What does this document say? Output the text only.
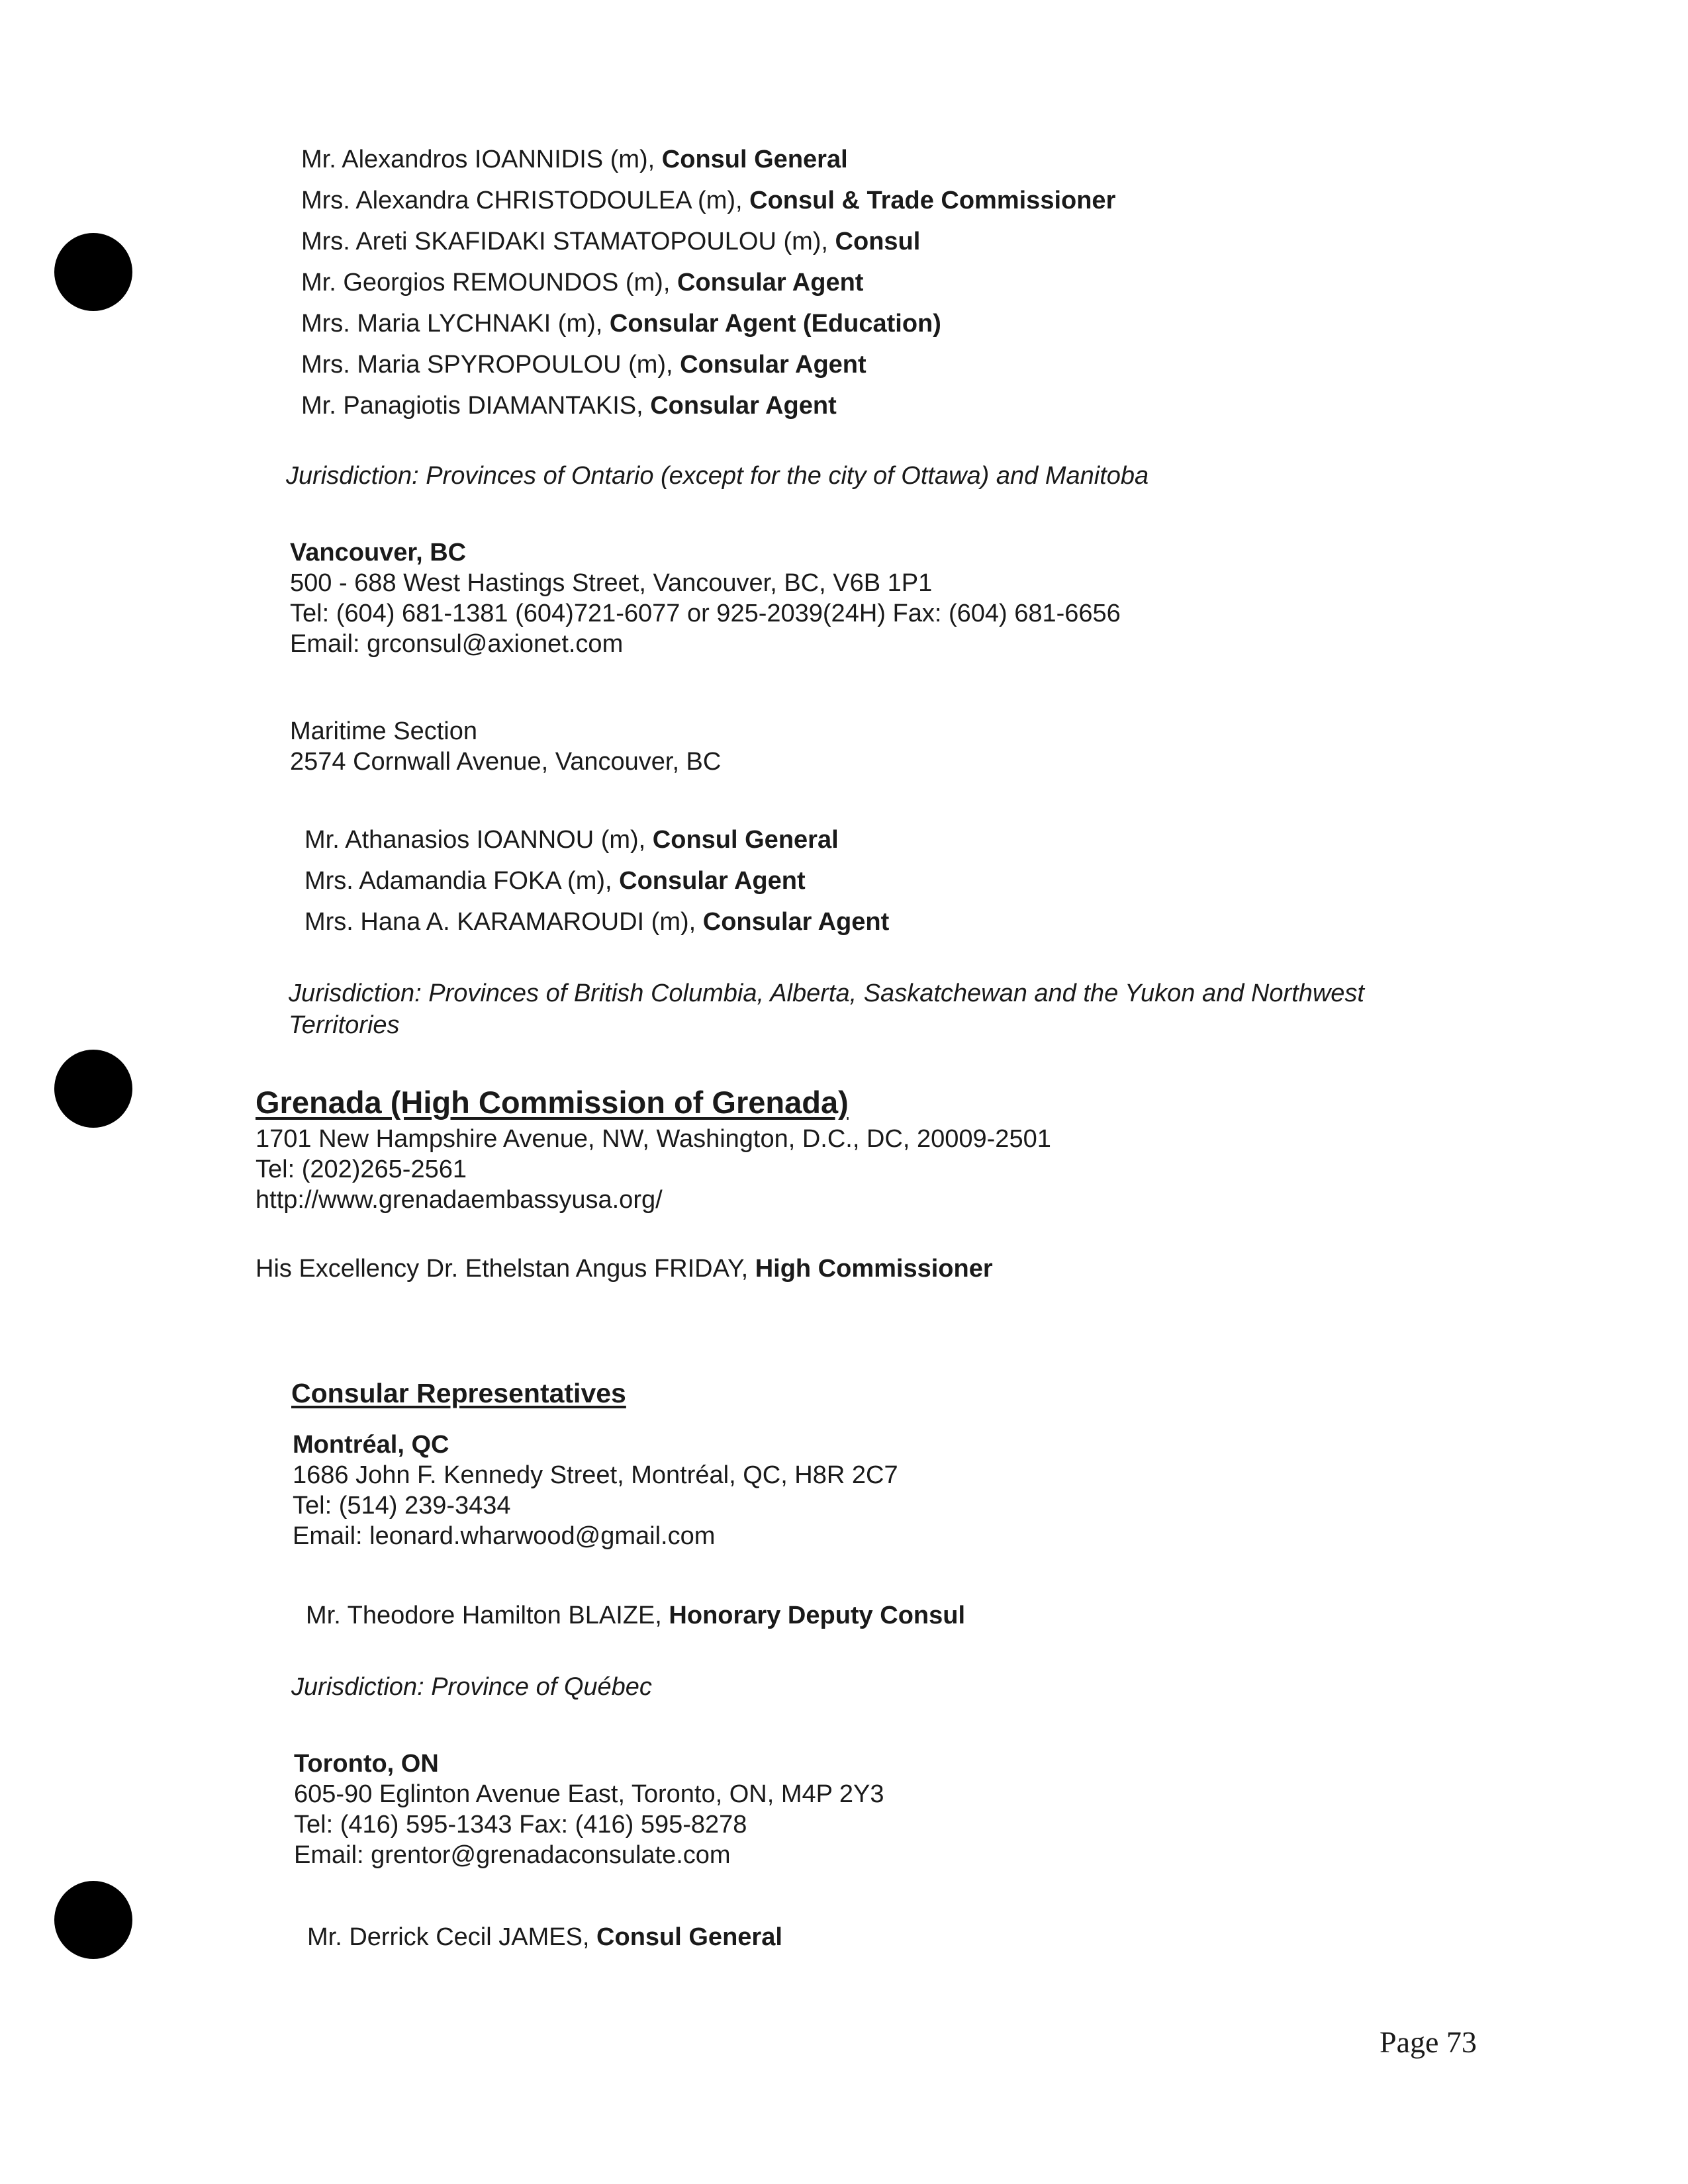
Mr. Alexandros IOANNIDIS (m), Consul General
Mrs. Alexandra CHRISTODOULEA (m), Consul & Trade Commissioner
Mrs. Areti SKAFIDAKI STAMATOPOULOU (m), Consul
Mr. Georgios REMOUNDOS (m), Consular Agent
Mrs. Maria LYCHNAKI (m), Consular Agent (Education)
Mrs. Maria SPYROPOULOU (m), Consular Agent
Mr. Panagiotis DIAMANTAKIS, Consular Agent
Jurisdiction: Provinces of Ontario (except for the city of Ottawa) and Manitoba
Vancouver, BC
500 - 688 West Hastings Street, Vancouver, BC, V6B 1P1
Tel: (604) 681-1381 (604)721-6077 or 925-2039(24H) Fax: (604) 681-6656
Email: grconsul@axionet.com
Maritime Section
2574 Cornwall Avenue, Vancouver, BC
Mr. Athanasios IOANNOU (m), Consul General
Mrs. Adamandia FOKA (m), Consular Agent
Mrs. Hana A. KARAMAROUDI (m), Consular Agent
Jurisdiction: Provinces of British Columbia, Alberta, Saskatchewan and the Yukon and Northwest
Territories
Grenada (High Commission of Grenada)
1701 New Hampshire Avenue, NW, Washington, D.C., DC, 20009-2501
Tel: (202)265-2561
http://www.grenadaembassyusa.org/
His Excellency Dr. Ethelstan Angus FRIDAY, High Commissioner
Consular Representatives
Montréal, QC
1686 John F. Kennedy Street, Montréal, QC, H8R 2C7
Tel: (514) 239-3434
Email: leonard.wharwood@gmail.com
Mr. Theodore Hamilton BLAIZE, Honorary Deputy Consul
Jurisdiction: Province of Québec
Toronto, ON
605-90 Eglinton Avenue East, Toronto, ON, M4P 2Y3
Tel: (416) 595-1343 Fax: (416) 595-8278
Email: grentor@grenadaconsulate.com
Mr. Derrick Cecil JAMES, Consul General
Page 73
